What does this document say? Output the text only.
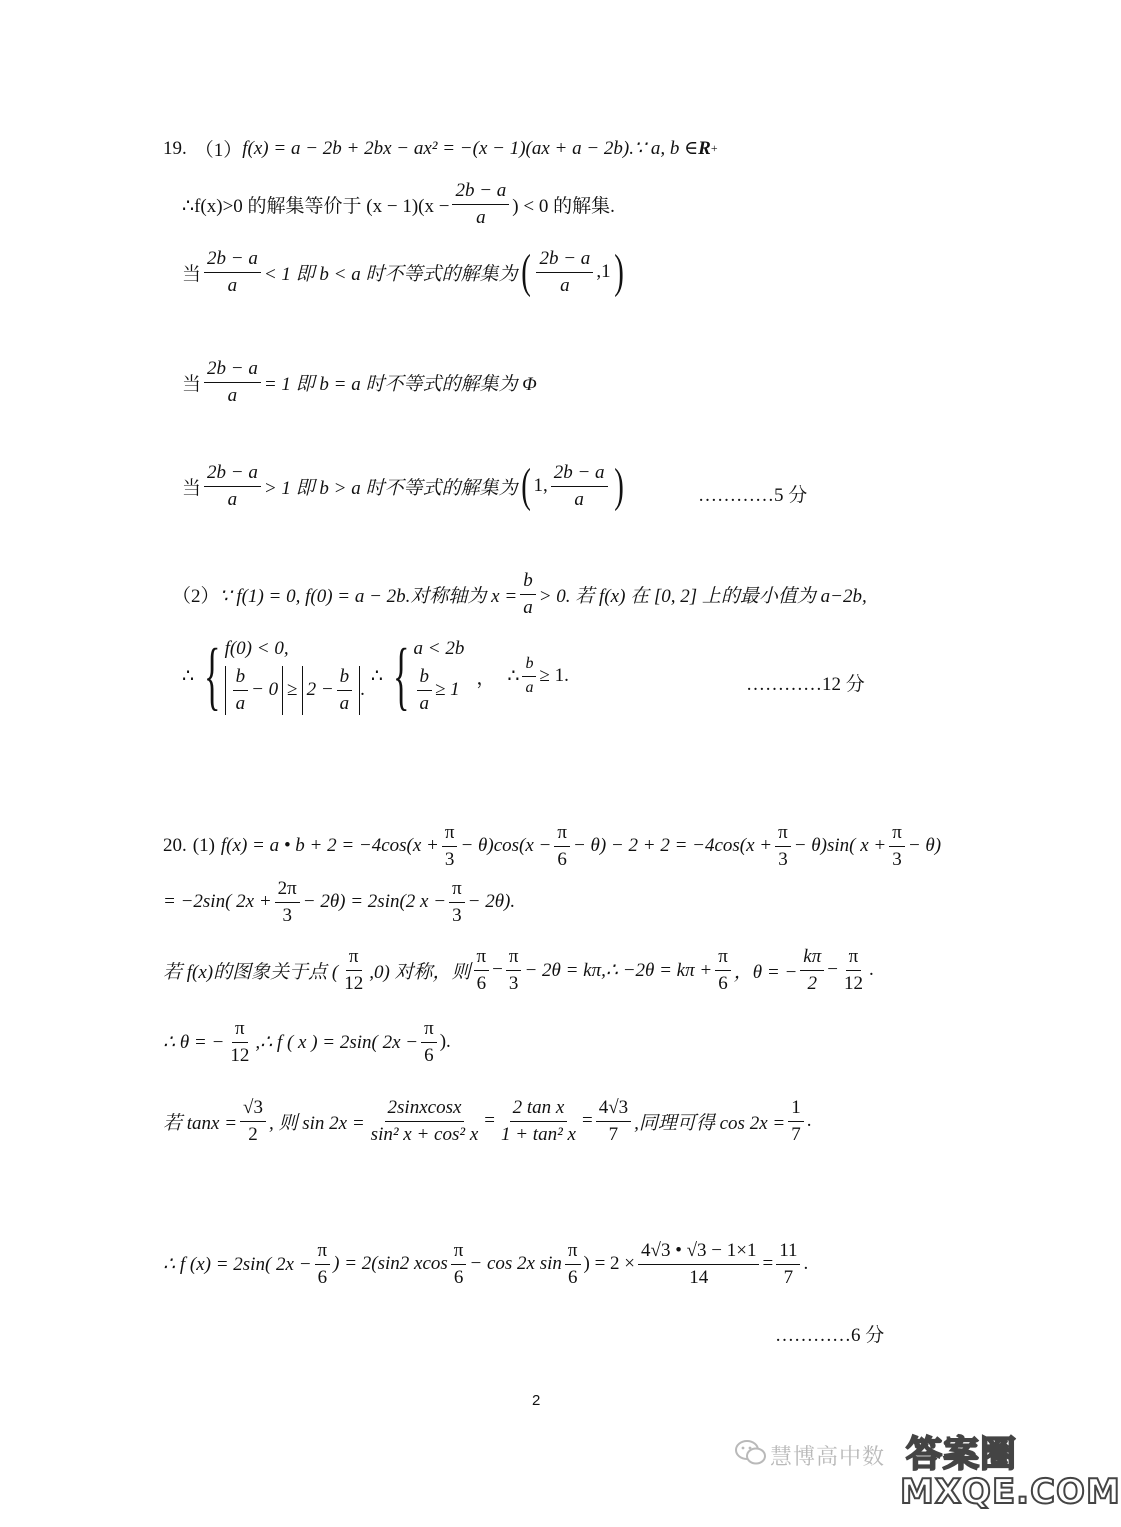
19. （1） f(x) = a − 2b + 2bx − ax² = −(x − 1)(ax + a − 2b).∵ a, b ∈ R +
∴f(x)>0 的解集等价于 $(x - 1)(x - \frac{2b - a}{a}$ ) < 0 的解集.
当 $\frac{2b - a}{a} < 1$ 即 b < a 时不等式的解集为 ( $\frac{2b - a}{a} ,1$ )
当 $\frac{2b - a}{a} = 1$ 即 b = a 时不等式的解集为 Φ
当 $\frac{2b - a}{a} > 1$ 即 b > a 时不等式的解集为 ( 1, $\frac{2b - a}{a}$ )	…………5 分
（2） ∵ f(1) = 0, f(0) = a − 2b.对称轴为 $x = \frac{b}{a} > 0$. 若 f(x) 在 [0, 2] 上的最小值为 a−2b,
∴ { f(0) < 0,
$\frac{b}{a} - 0 \ge 2 - \frac{b}{a}$ .
∴ { a < 2b
$\frac{b}{a} \ge 1$
， ∴ $\frac{b}{a} \ge 1$.	…………12 分
20. (1) f(x) = a • $b + 2 = -4\cos(x + \frac{\pi}{3} - \theta)\cos(x - \frac{\pi}{6} - \theta) - 2 + 2 = -4\cos(x + \frac{\pi}{3} - \theta)\sin$( $x + \frac{\pi}{3} - \theta$)
= −2sin( $2x + \frac{2\pi}{3} - 2\theta) = 2\sin(2$ $x - \frac{\pi}{3} - 2\theta$).
若 f(x)的图象关于点 ( $\frac{\pi}{12} ,0$) 对称，则 $\frac{\pi}{6} - \frac{\pi}{3} - 2\theta$ = kπ,∴ $-2\theta = k\pi + \frac{\pi}{6}$ ，θ = − $\frac{k\pi}{2} - \frac{\pi}{12}$ .
∴ θ = − $\frac{\pi}{12}$ ,∴ f ( x ) = 2sin( $2x - \frac{\pi}{6}$ ).
若 $\tan x = \frac{√3}{2}$ , 则 $\sin 2x = \frac{\text{2sinxcosx}}{\text{sin² x + cos² x}} = \frac{\text{2 tan x}}{\text{1 + tan² x}} = \frac{4√3}{7}$ ,同理可得 $\cos 2x = \frac{1}{7}$ .
∴ f (x) = 2sin( $2x - \frac{\pi}{6}$ ) = 2(sin2 xcos $\frac{\pi}{6} - \cos 2x$ $\sin \frac{\pi}{6}$ ) = $2 \times \frac{4√3 • √3 - 1\times 1}{14} = \frac{11}{7}$ .
…………6 分
2
慧博高中数 答案圈
MXQE.COM
